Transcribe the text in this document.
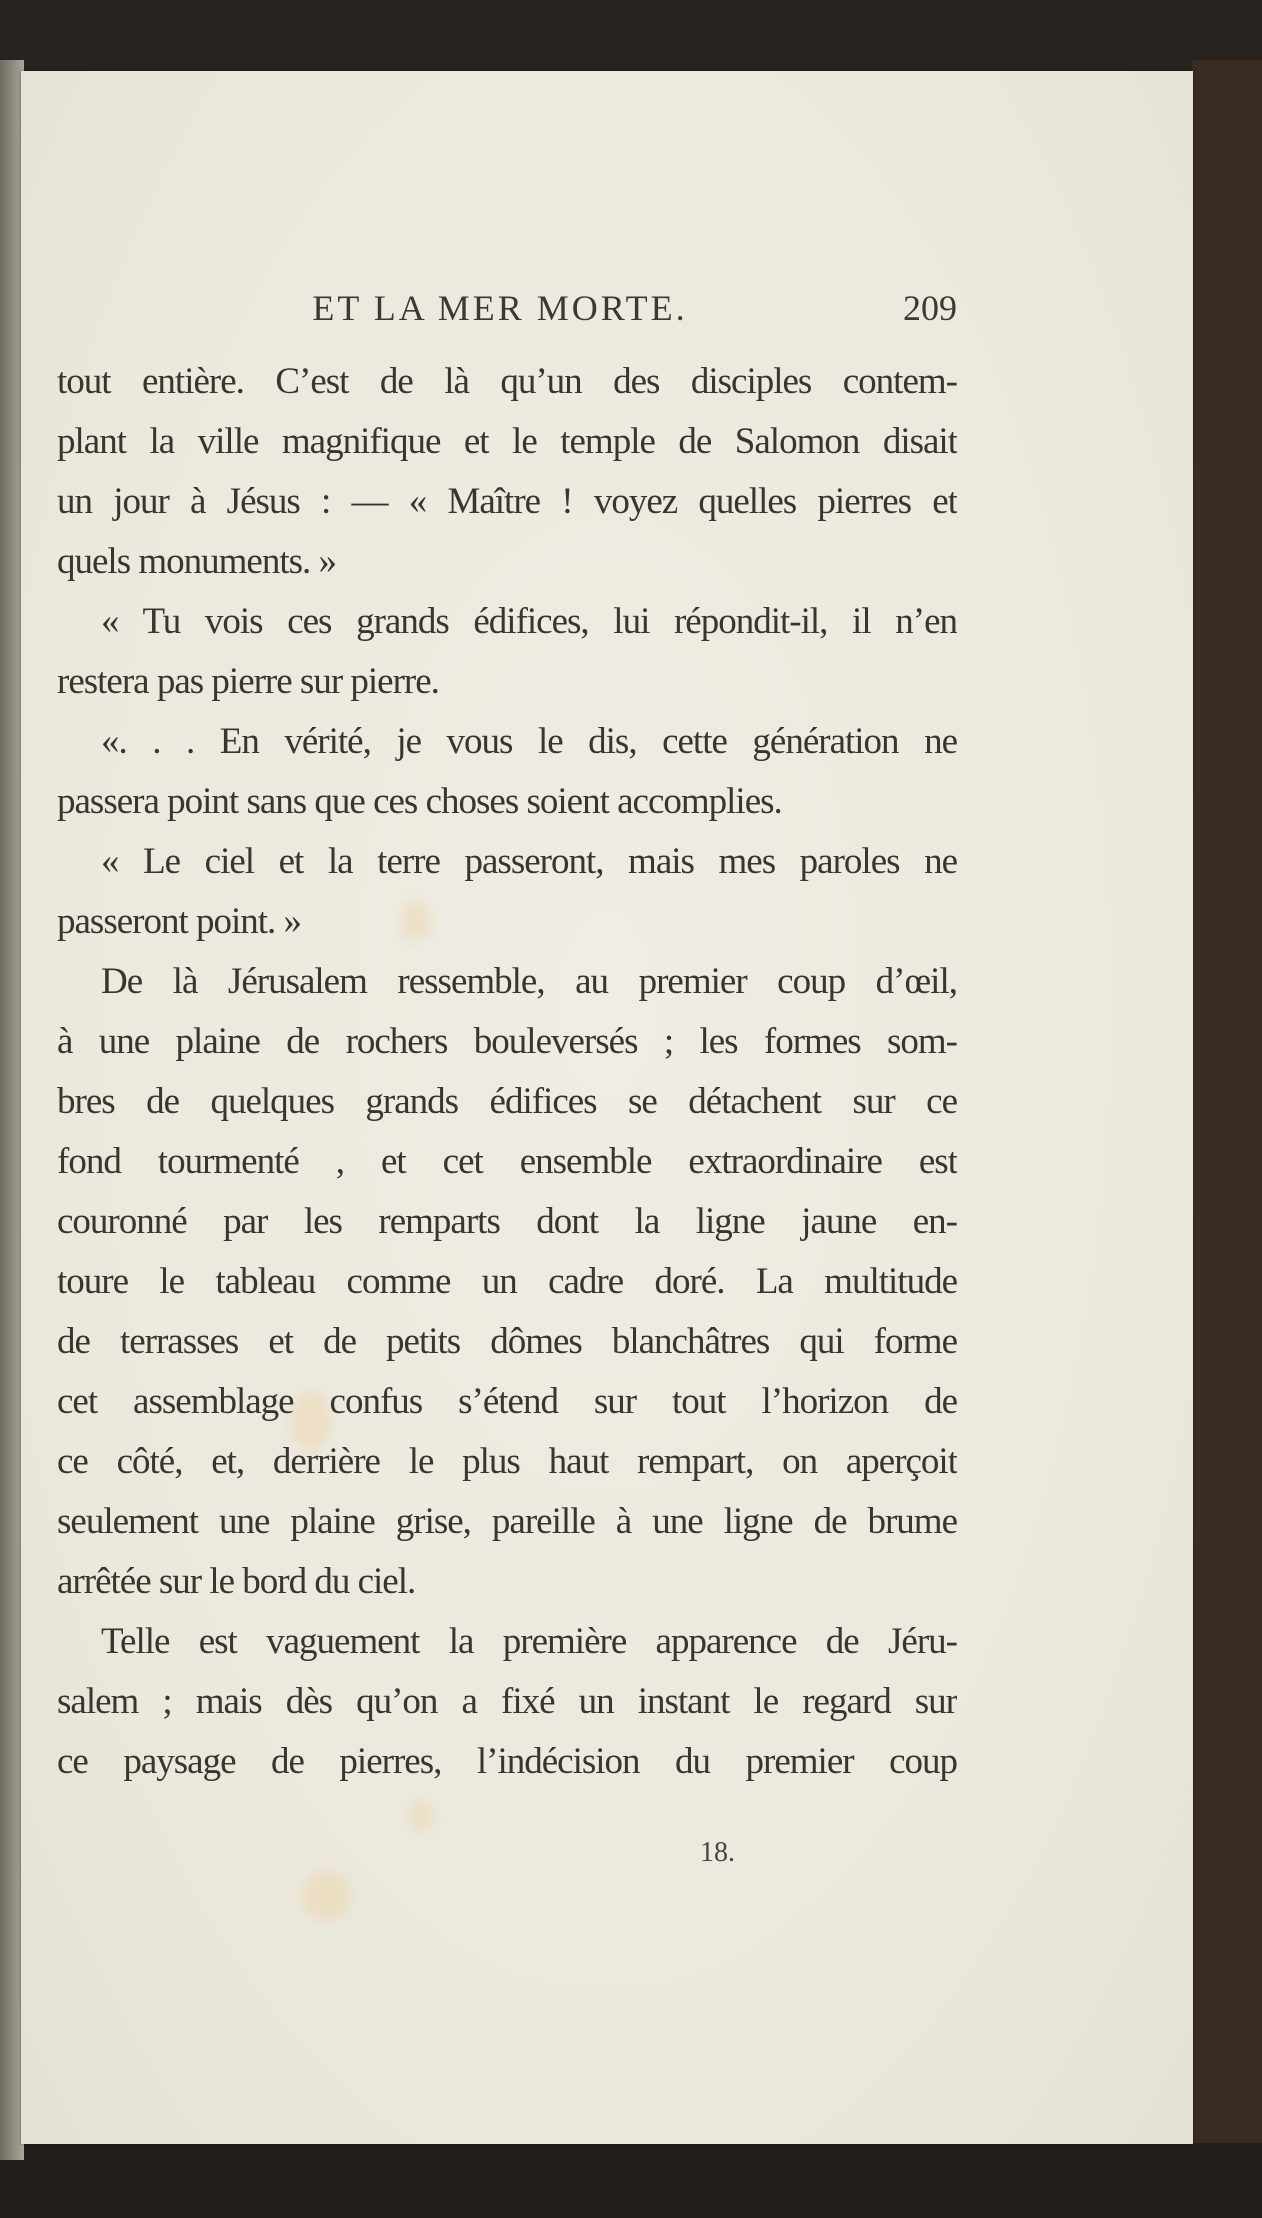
ET LA MER MORTE.	209
tout entière. C’est de là qu’un des disciples contem-
plant la ville magnifique et le temple de Salomon disait
un jour à Jésus : — « Maître ! voyez quelles pierres et
quels monuments. »
« Tu vois ces grands édifices, lui répondit-il, il n’en
restera pas pierre sur pierre.
«. . . En vérité, je vous le dis, cette génération ne
passera point sans que ces choses soient accomplies.
« Le ciel et la terre passeront, mais mes paroles ne
passeront point. »
De là Jérusalem ressemble, au premier coup d’œil,
à une plaine de rochers bouleversés ; les formes som-
bres de quelques grands édifices se détachent sur ce
fond tourmenté , et cet ensemble extraordinaire est
couronné par les remparts dont la ligne jaune en-
toure le tableau comme un cadre doré. La multitude
de terrasses et de petits dômes blanchâtres qui forme
cet assemblage confus s’étend sur tout l’horizon de
ce côté, et, derrière le plus haut rempart, on aperçoit
seulement une plaine grise, pareille à une ligne de brume
arrêtée sur le bord du ciel.
Telle est vaguement la première apparence de Jéru-
salem ; mais dès qu’on a fixé un instant le regard sur
ce paysage de pierres, l’indécision du premier coup
18.
